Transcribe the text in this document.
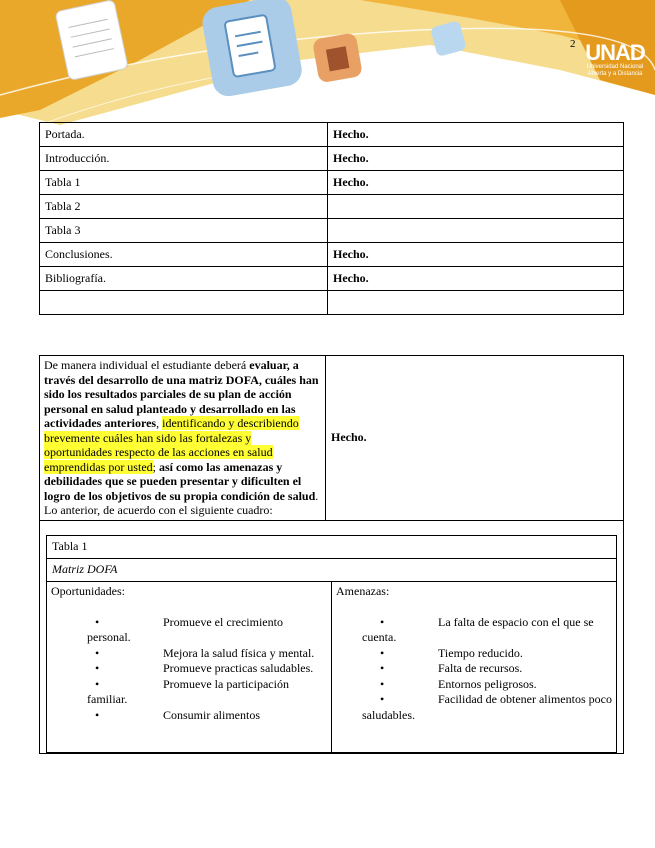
2 UNAD
Universidad Nacional
Abierta y a Distancia
Portada.	Hecho.
Introducción.	Hecho.
Tabla 1	Hecho.
Tabla 2	
Tabla 3	
Conclusiones.	Hecho.
Bibliografía.	Hecho.

De manera individual el estudiante deberá evaluar, a través del desarrollo de una matriz DOFA, cuáles han sido los resultados parciales de su plan de acción personal en salud planteado y desarrollado en las actividades anteriores, identificando y describiendo brevemente cuáles han sido las fortalezas y oportunidades respecto de las acciones en salud emprendidas por usted; así como las amenazas y debilidades que se pueden presentar y dificulten el logro de los objetivos de su propia condición de salud. Lo anterior, de acuerdo con el siguiente cuadro:	Hecho.

Tabla 1
Matriz DOFA

Oportunidades:
•	Promueve el crecimiento personal.
•	Mejora la salud física y mental.
•	Promueve practicas saludables.
•	Promueve la participación familiar.
•	Consumir alimentos

Amenazas:
•	La falta de espacio con el que se cuenta.
•	Tiempo reducido.
•	Falta de recursos.
•	Entornos peligrosos.
•	Facilidad de obtener alimentos poco saludables.
